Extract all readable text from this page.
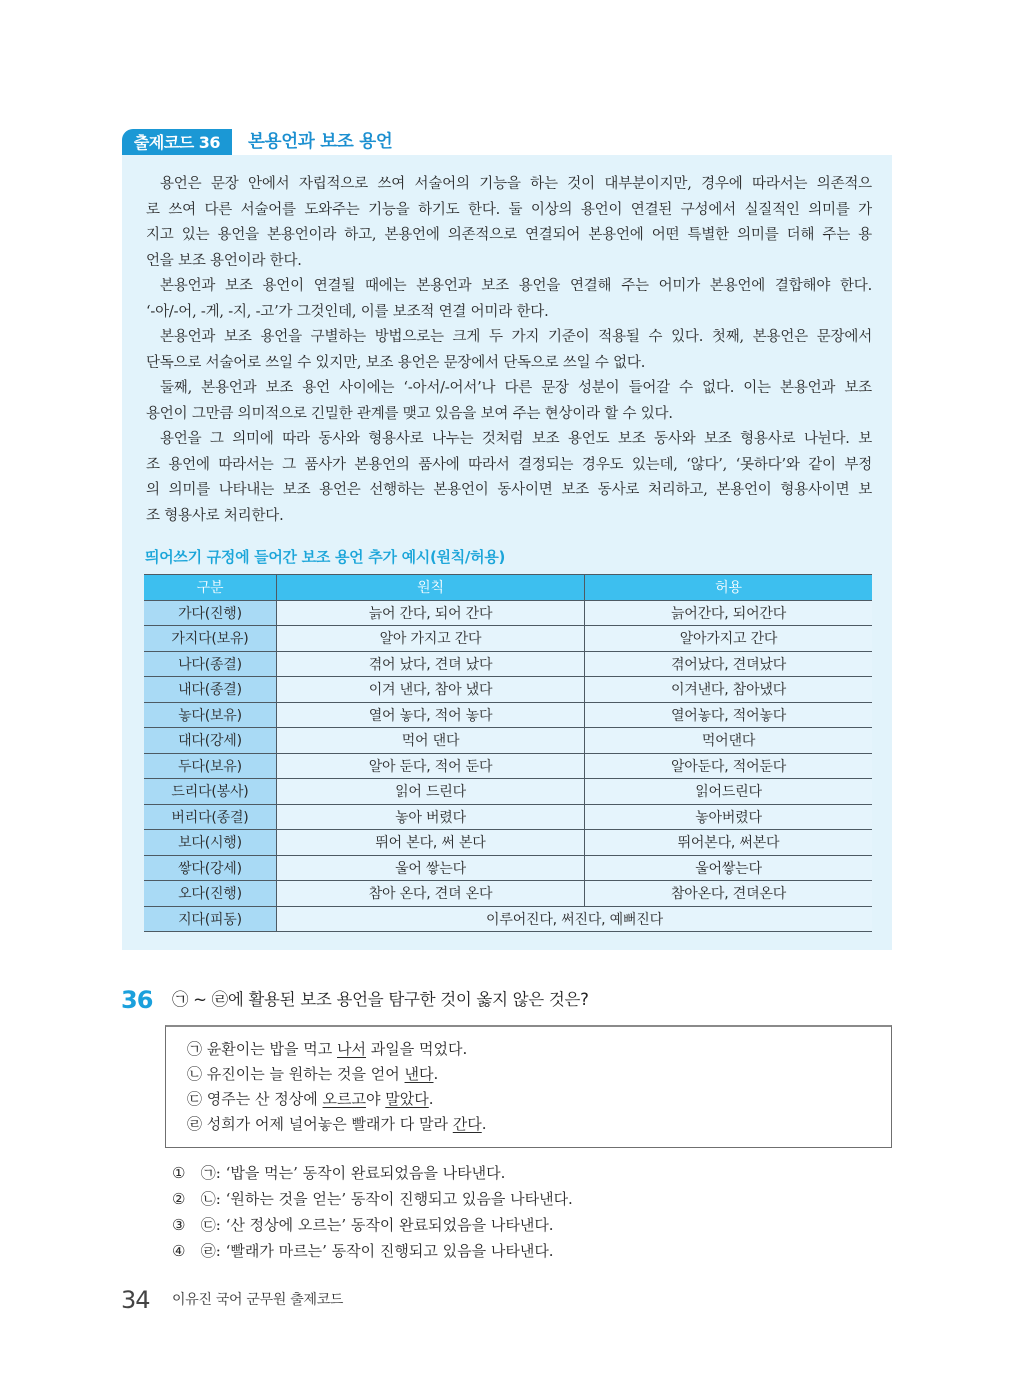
출제코드 36	본용언과 보조 용언
용언은 문장 안에서 자립적으로 쓰여 서술어의 기능을 하는 것이 대부분이지만, 경우에 따라서는 의존적으
로 쓰여 다른 서술어를 도와주는 기능을 하기도 한다. 둘 이상의 용언이 연결된 구성에서 실질적인 의미를 가
지고 있는 용언을 본용언이라 하고, 본용언에 의존적으로 연결되어 본용언에 어떤 특별한 의미를 더해 주는 용
언을 보조 용언이라 한다.
본용언과 보조 용언이 연결될 때에는 본용언과 보조 용언을 연결해 주는 어미가 본용언에 결합해야 한다.
‘-아/-어, -게, -지, -고’가 그것인데, 이를 보조적 연결 어미라 한다.
본용언과 보조 용언을 구별하는 방법으로는 크게 두 가지 기준이 적용될 수 있다. 첫째, 본용언은 문장에서
단독으로 서술어로 쓰일 수 있지만, 보조 용언은 문장에서 단독으로 쓰일 수 없다.
둘째, 본용언과 보조 용언 사이에는 ‘-아서/-어서’나 다른 문장 성분이 들어갈 수 없다. 이는 본용언과 보조
용언이 그만큼 의미적으로 긴밀한 관계를 맺고 있음을 보여 주는 현상이라 할 수 있다.
용언을 그 의미에 따라 동사와 형용사로 나누는 것처럼 보조 용언도 보조 동사와 보조 형용사로 나뉜다. 보
조 용언에 따라서는 그 품사가 본용언의 품사에 따라서 결정되는 경우도 있는데, ‘않다’, ‘못하다’와 같이 부정
의 의미를 나타내는 보조 용언은 선행하는 본용언이 동사이면 보조 동사로 처리하고, 본용언이 형용사이면 보
조 형용사로 처리한다.
띄어쓰기 규정에 들어간 보조 용언 추가 예시(원칙/허용)
구분	원칙	허용
가다(진행)	늙어 간다, 되어 간다	늙어간다, 되어간다
가지다(보유)	알아 가지고 간다	알아가지고 간다
나다(종결)	겪어 났다, 견뎌 났다	겪어났다, 견뎌났다
내다(종결)	이겨 낸다, 참아 냈다	이겨낸다, 참아냈다
놓다(보유)	열어 놓다, 적어 놓다	열어놓다, 적어놓다
대다(강세)	먹어 댄다	먹어댄다
두다(보유)	알아 둔다, 적어 둔다	알아둔다, 적어둔다
드리다(봉사)	읽어 드린다	읽어드린다
버리다(종결)	놓아 버렸다	놓아버렸다
보다(시행)	뛰어 본다, 써 본다	뛰어본다, 써본다
쌓다(강세)	울어 쌓는다	울어쌓는다
오다(진행)	참아 온다, 견뎌 온다	참아온다, 견뎌온다
지다(피동)	이루어진다, 써진다, 예뻐진다	
36 ㉠ ~ ㉣에 활용된 보조 용언을 탐구한 것이 옳지 않은 것은?
㉠ 윤환이는 밥을 먹고 나서 과일을 먹었다.
㉡ 유진이는 늘 원하는 것을 얻어 낸다.
㉢ 영주는 산 정상에 오르고야 말았다.
㉣ 성희가 어제 널어놓은 빨래가 다 말라 간다.
① ㉠: ‘밥을 먹는’ 동작이 완료되었음을 나타낸다.
② ㉡: ‘원하는 것을 얻는’ 동작이 진행되고 있음을 나타낸다.
③ ㉢: ‘산 정상에 오르는’ 동작이 완료되었음을 나타낸다.
④ ㉣: ‘빨래가 마르는’ 동작이 진행되고 있음을 나타낸다.
34 이유진 국어 군무원 출제코드
